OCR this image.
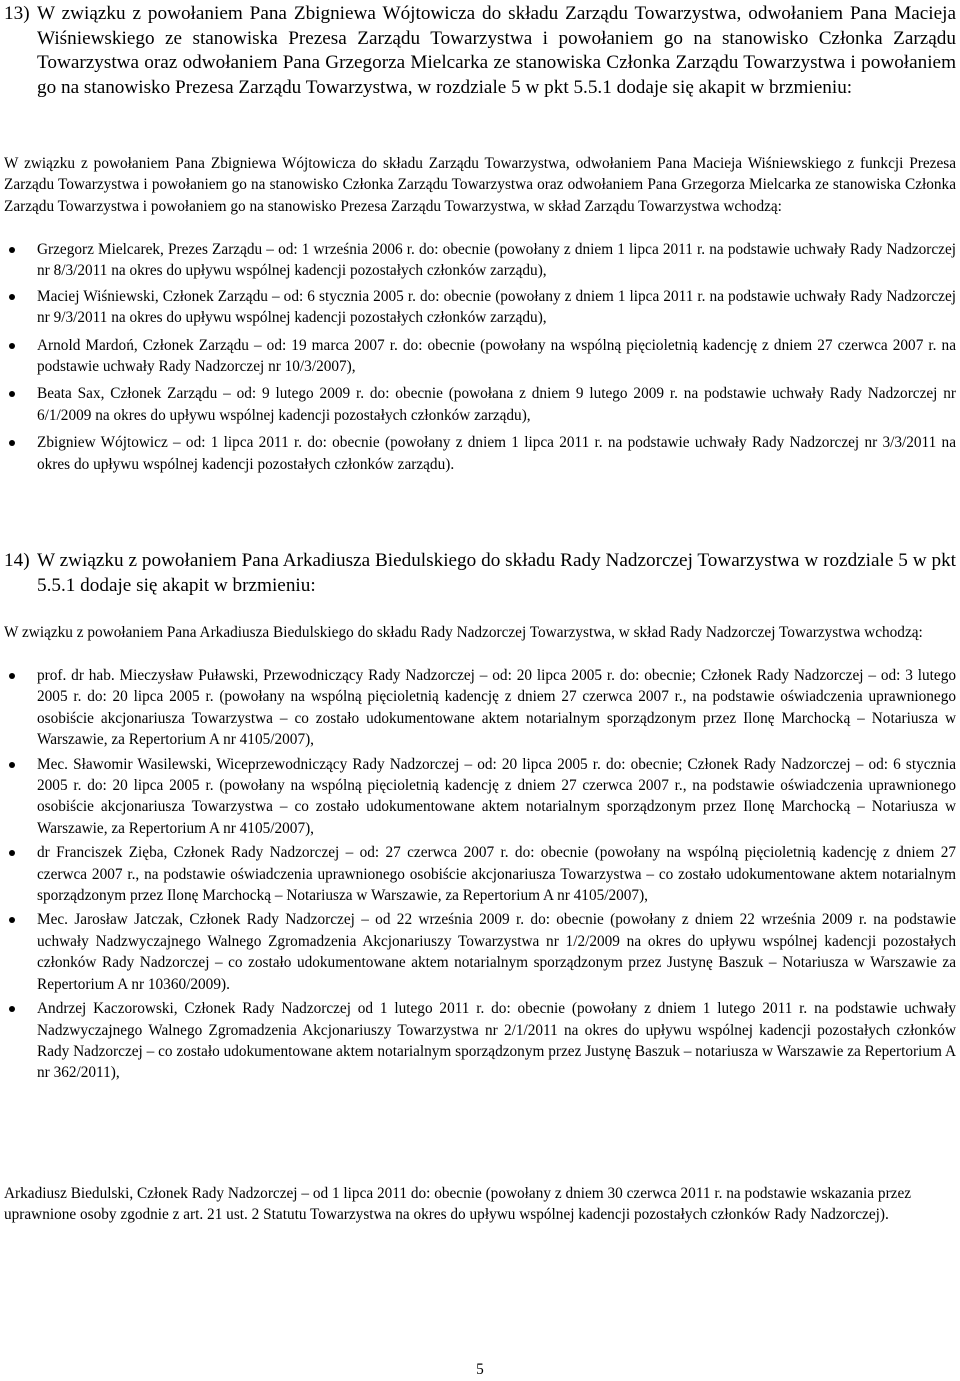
13) W związku z powołaniem Pana Zbigniewa Wójtowicza do składu Zarządu Towarzystwa, odwołaniem Pana Macieja Wiśniewskiego ze stanowiska Prezesa Zarządu Towarzystwa i powołaniem go na stanowisko Członka Zarządu Towarzystwa oraz odwołaniem Pana Grzegorza Mielcarka ze stanowiska Członka Zarządu Towarzystwa i powołaniem go na stanowisko Prezesa Zarządu Towarzystwa, w rozdziale 5 w pkt 5.5.1 dodaje się akapit w brzmieniu:
W związku z powołaniem Pana Zbigniewa Wójtowicza do składu Zarządu Towarzystwa, odwołaniem Pana Macieja Wiśniewskiego z funkcji Prezesa Zarządu Towarzystwa i powołaniem go na stanowisko Członka Zarządu Towarzystwa oraz odwołaniem Pana Grzegorza Mielcarka ze stanowiska Członka Zarządu Towarzystwa i powołaniem go na stanowisko Prezesa Zarządu Towarzystwa, w skład Zarządu Towarzystwa wchodzą:
Grzegorz Mielcarek, Prezes Zarządu – od: 1 września 2006 r. do: obecnie (powołany z dniem 1 lipca 2011 r. na podstawie uchwały Rady Nadzorczej nr 8/3/2011 na okres do upływu wspólnej kadencji pozostałych członków zarządu),
Maciej Wiśniewski, Członek Zarządu – od: 6 stycznia 2005 r. do: obecnie (powołany z dniem 1 lipca 2011 r. na podstawie uchwały Rady Nadzorczej nr 9/3/2011 na okres do upływu wspólnej kadencji pozostałych członków zarządu),
Arnold Mardoń, Członek Zarządu – od: 19 marca 2007 r. do: obecnie (powołany na wspólną pięcioletnią kadencję z dniem 27 czerwca 2007 r. na podstawie uchwały Rady Nadzorczej nr 10/3/2007),
Beata Sax, Członek Zarządu – od: 9 lutego 2009 r. do: obecnie (powołana z dniem 9 lutego 2009 r. na podstawie uchwały Rady Nadzorczej nr 6/1/2009 na okres do upływu wspólnej kadencji pozostałych członków zarządu),
Zbigniew Wójtowicz – od: 1 lipca 2011 r. do: obecnie (powołany z dniem 1 lipca 2011 r. na podstawie uchwały Rady Nadzorczej nr 3/3/2011 na okres do upływu wspólnej kadencji pozostałych członków zarządu).
14) W związku z powołaniem Pana Arkadiusza Biedulskiego do składu Rady Nadzorczej Towarzystwa w rozdziale 5 w pkt 5.5.1 dodaje się akapit w brzmieniu:
W związku z powołaniem Pana Arkadiusza Biedulskiego do składu Rady Nadzorczej Towarzystwa, w skład Rady Nadzorczej Towarzystwa wchodzą:
prof. dr hab. Mieczysław Puławski, Przewodniczący Rady Nadzorczej – od: 20 lipca 2005 r. do: obecnie; Członek Rady Nadzorczej – od: 3 lutego 2005 r. do: 20 lipca 2005 r. (powołany na wspólną pięcioletnią kadencję z dniem 27 czerwca 2007 r., na podstawie oświadczenia uprawnionego osobiście akcjonariusza Towarzystwa – co zostało udokumentowane aktem notarialnym sporządzonym przez Ilonę Marchocką – Notariusza w Warszawie, za Repertorium A nr 4105/2007),
Mec. Sławomir Wasilewski, Wiceprzewodniczący Rady Nadzorczej – od: 20 lipca 2005 r. do: obecnie; Członek Rady Nadzorczej – od: 6 stycznia 2005 r. do: 20 lipca 2005 r. (powołany na wspólną pięcioletnią kadencję z dniem 27 czerwca 2007 r., na podstawie oświadczenia uprawnionego osobiście akcjonariusza Towarzystwa – co zostało udokumentowane aktem notarialnym sporządzonym przez Ilonę Marchocką – Notariusza w Warszawie, za Repertorium A nr 4105/2007),
dr Franciszek Zięba, Członek Rady Nadzorczej – od: 27 czerwca 2007 r. do: obecnie (powołany na wspólną pięcioletnią kadencję z dniem 27 czerwca 2007 r., na podstawie oświadczenia uprawnionego osobiście akcjonariusza Towarzystwa – co zostało udokumentowane aktem notarialnym sporządzonym przez Ilonę Marchocką – Notariusza w Warszawie, za Repertorium A nr 4105/2007),
Mec. Jarosław Jatczak, Członek Rady Nadzorczej – od 22 września 2009 r. do: obecnie (powołany z dniem 22 września 2009 r. na podstawie uchwały Nadzwyczajnego Walnego Zgromadzenia Akcjonariuszy Towarzystwa nr 1/2/2009 na okres do upływu wspólnej kadencji pozostałych członków Rady Nadzorczej – co zostało udokumentowane aktem notarialnym sporządzonym przez Justynę Baszuk – Notariusza w Warszawie za Repertorium A nr 10360/2009).
Andrzej Kaczorowski, Członek Rady Nadzorczej od 1 lutego 2011 r. do: obecnie (powołany z dniem 1 lutego 2011 r. na podstawie uchwały Nadzwyczajnego Walnego Zgromadzenia Akcjonariuszy Towarzystwa nr 2/1/2011 na okres do upływu wspólnej kadencji pozostałych członków Rady Nadzorczej – co zostało udokumentowane aktem notarialnym sporządzonym przez Justynę Baszuk – notariusza w Warszawie za Repertorium A nr 362/2011),
Arkadiusz Biedulski, Członek Rady Nadzorczej – od 1 lipca 2011 do: obecnie (powołany z dniem 30 czerwca 2011 r. na podstawie wskazania przez uprawnione osoby zgodnie z art. 21 ust. 2 Statutu Towarzystwa na okres do upływu wspólnej kadencji pozostałych członków Rady Nadzorczej).
5
